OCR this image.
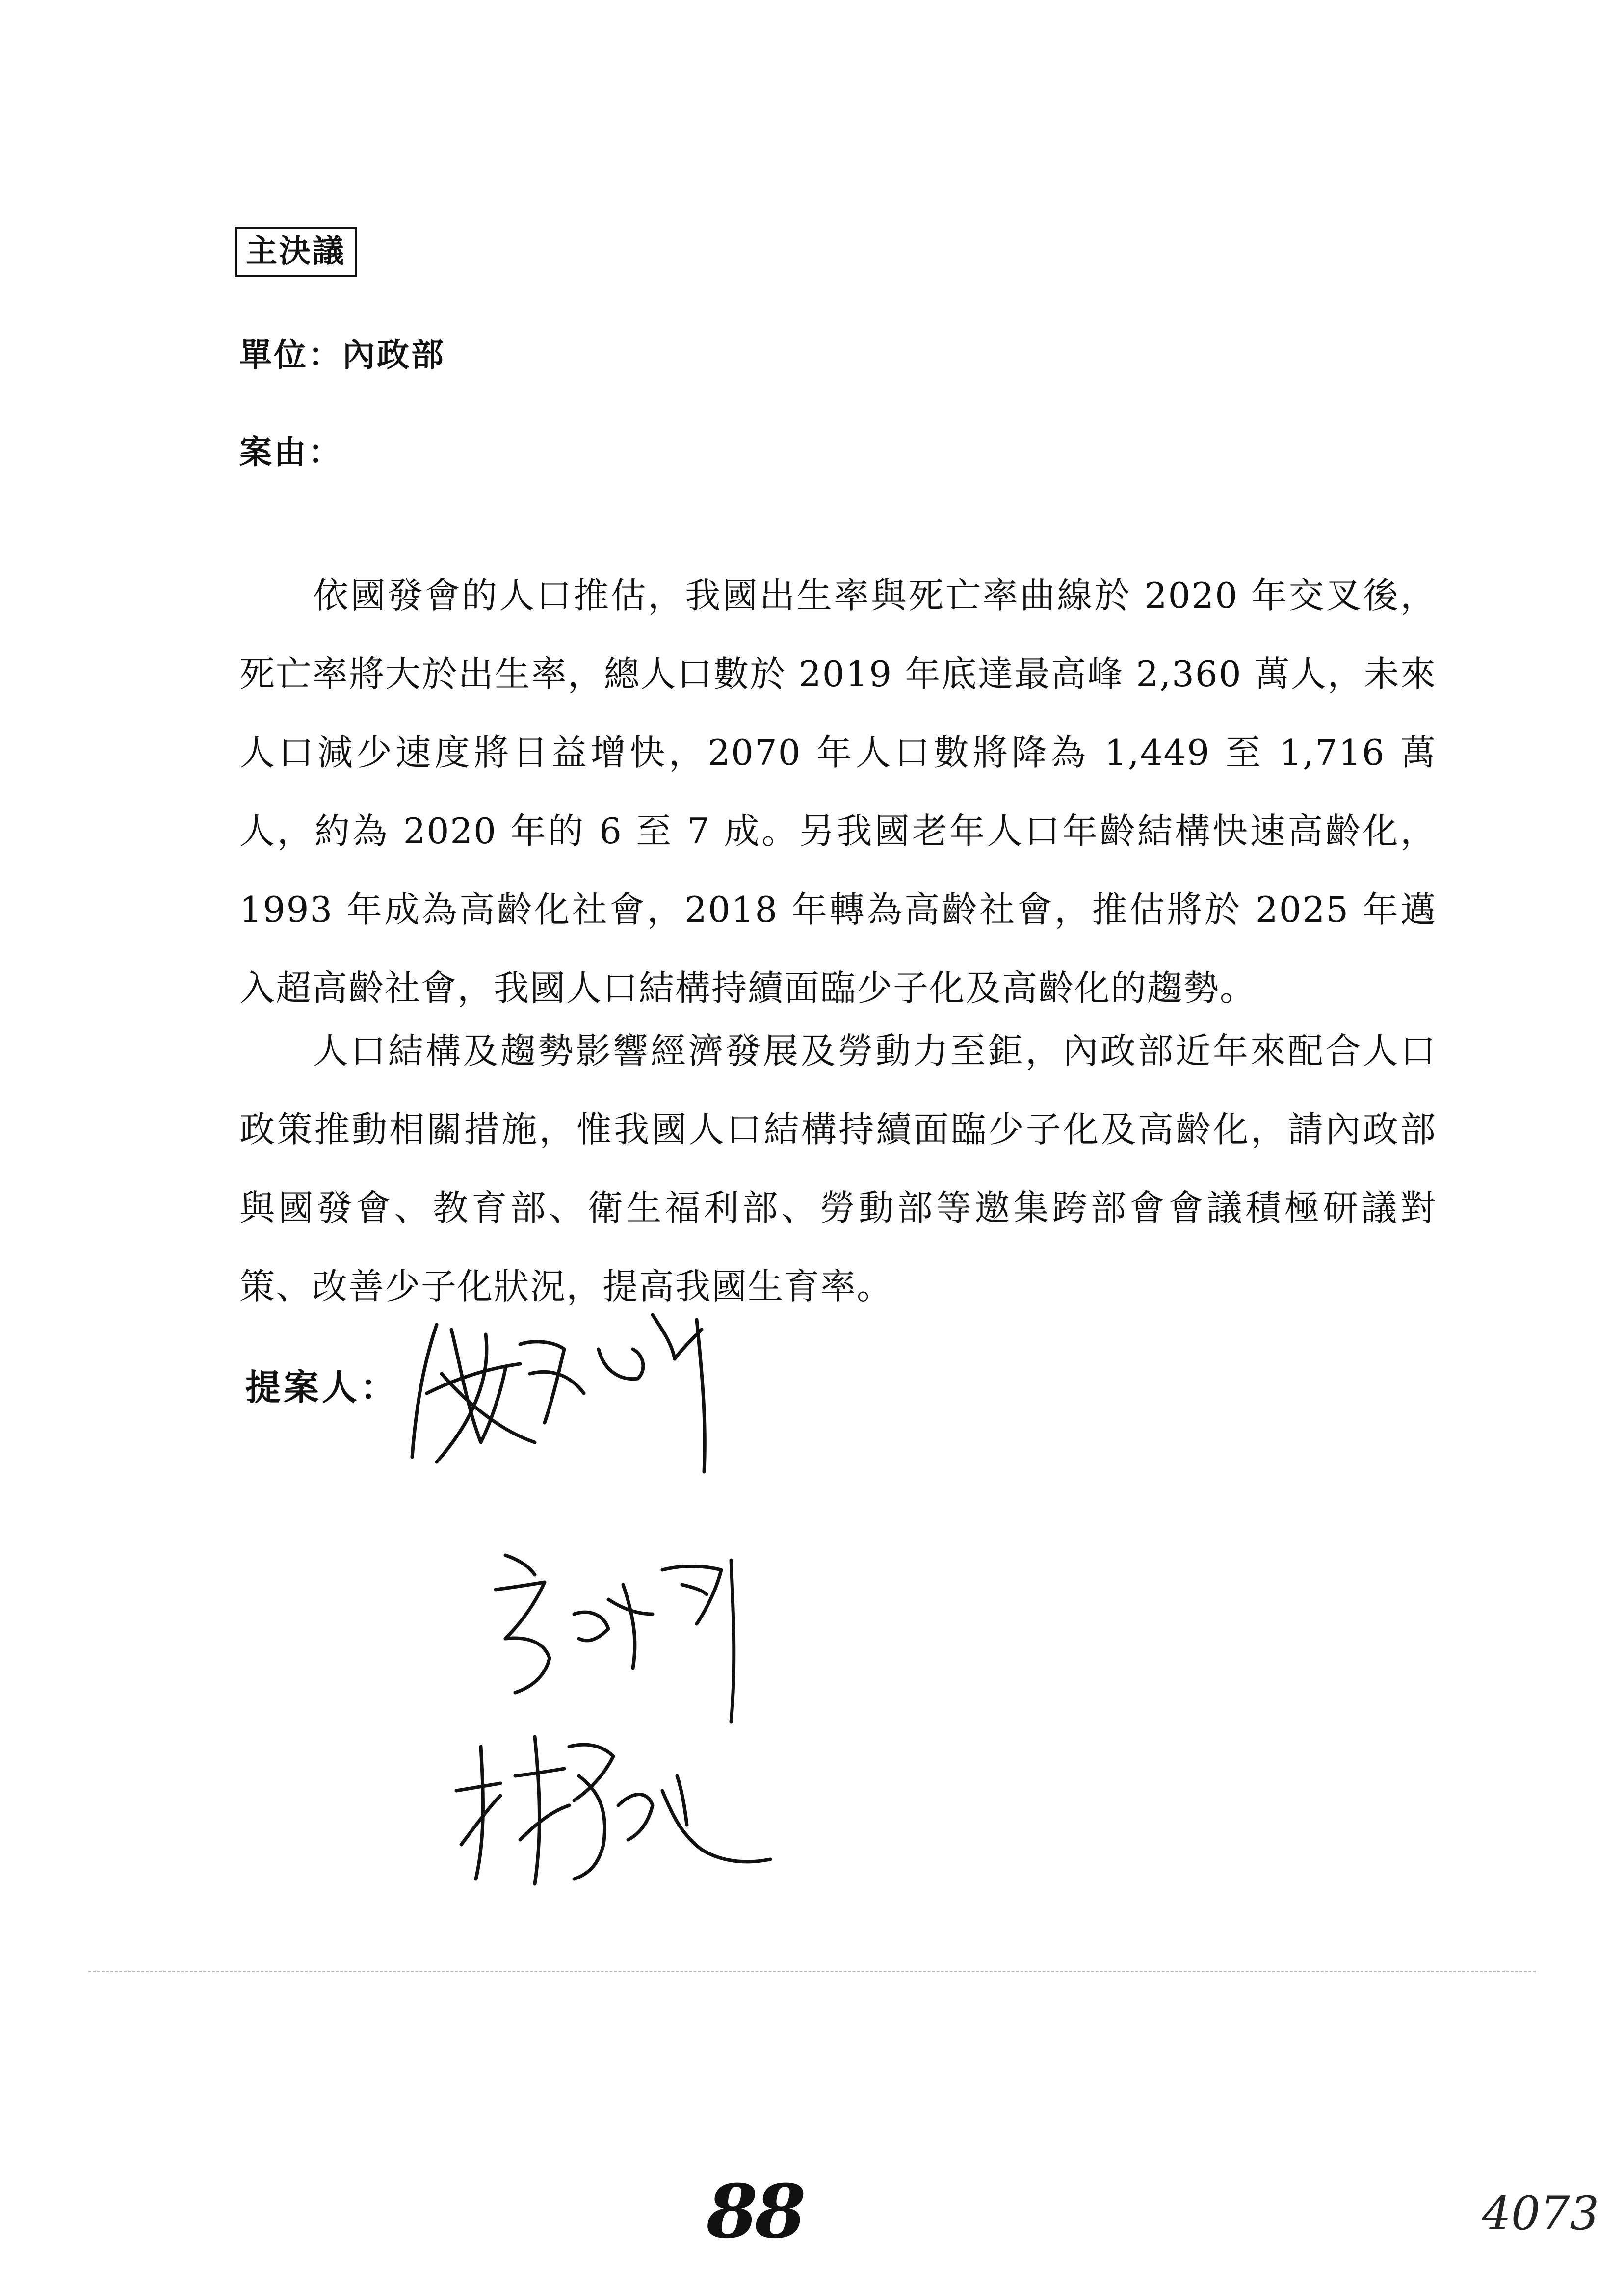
主決議
單位：內政部
案由：

依國發會的人口推估，我國出生率與死亡率曲線於 2020 年交叉後，死亡率將大於出生率，總人口數於 2019 年底達最高峰 2,360 萬人，未來人口減少速度將日益增快，2070 年人口數將降為 1,449 至 1,716 萬人，約為 2020 年的 6 至 7 成。另我國老年人口年齡結構快速高齡化，1993 年成為高齡化社會，2018 年轉為高齡社會，推估將於 2025 年邁入超高齡社會，我國人口結構持續面臨少子化及高齡化的趨勢。

人口結構及趨勢影響經濟發展及勞動力至鉅，內政部近年來配合人口政策推動相關措施，惟我國人口結構持續面臨少子化及高齡化，請內政部與國發會、教育部、衛生福利部、勞動部等邀集跨部會會議積極研議對策、改善少子化狀況，提高我國生育率。

提案人：
88	4073
